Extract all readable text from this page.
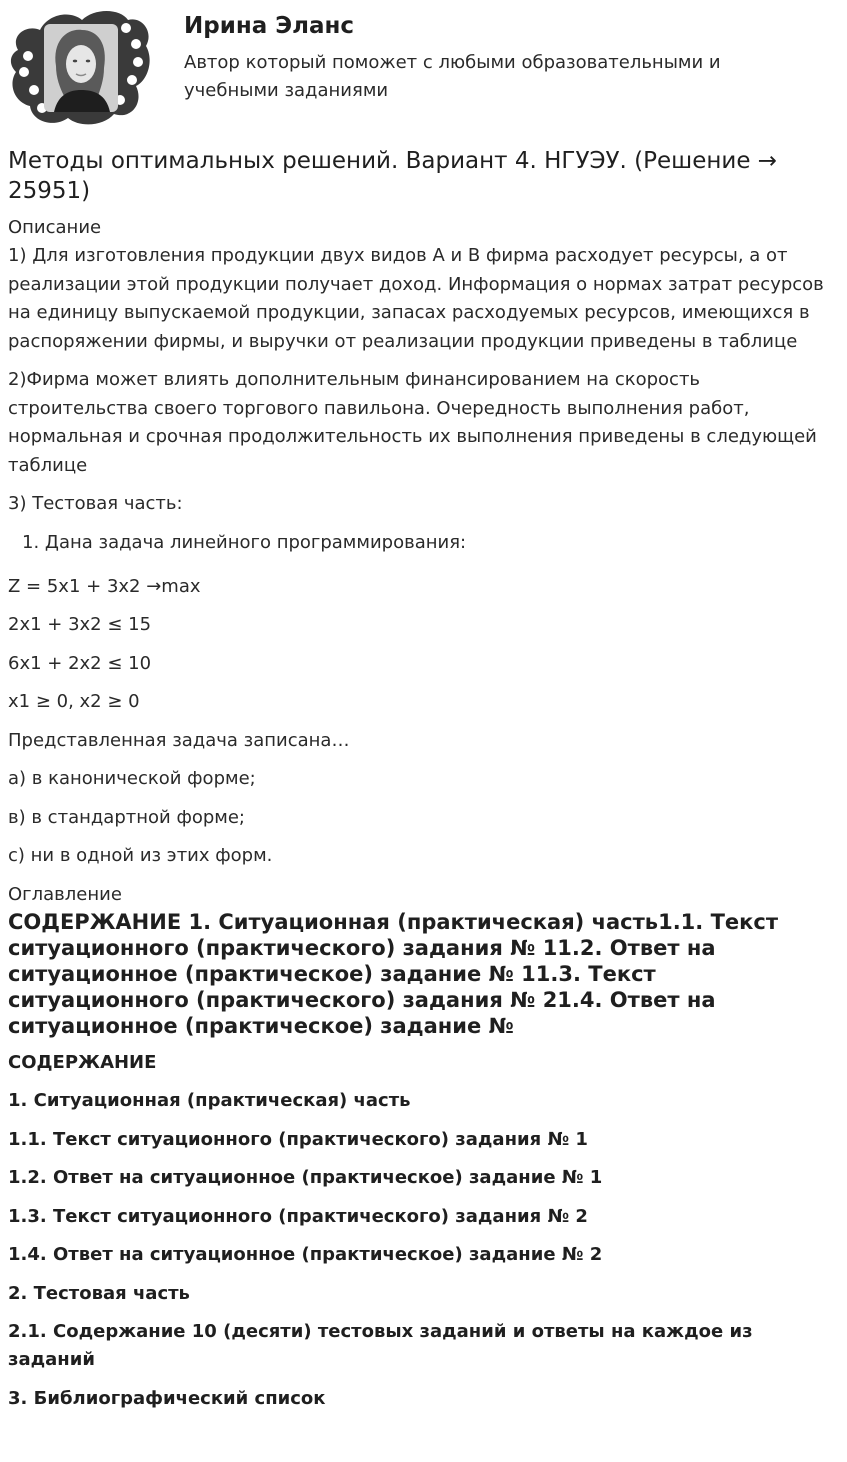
Ирина Эланс
Автор который поможет с любыми образовательными и учебными заданиями
Методы оптимальных решений. Вариант 4. НГУЭУ. (Решение → 25951)

Описание

1) Для изготовления продукции двух видов А и В фирма расходует ресурсы, а от реализации этой продукции получает доход. Информация о нормах затрат ресурсов на единицу выпускаемой продукции, запасах расходуемых ресурсов, имеющихся в распоряжении фирмы, и выручки от реализации продукции приведены в таблице

2)Фирма может влиять дополнительным финансированием на скорость строительства своего торгового павильона. Очередность выполнения работ, нормальная и срочная продолжительность их выполнения приведены в следующей таблице

3) Тестовая часть:

1. Дана задача линейного программирования:

Z = 5x1 + 3x2 →max

2x1 + 3x2 ≤ 15

6x1 + 2x2 ≤ 10

x1 ≥ 0, x2 ≥ 0

Представленная задача записана…

а) в канонической форме;

в) в стандартной форме;

с) ни в одной из этих форм.

Оглавление

СОДЕРЖАНИЕ 1. Ситуационная (практическая) часть1.1. Текст ситуационного (практического) задания № 11.2. Ответ на ситуационное (практическое) задание № 11.3. Текст ситуационного (практического) задания № 21.4. Ответ на ситуационное (практическое) задание №

СОДЕРЖАНИЕ

1. Ситуационная (практическая) часть

1.1. Текст ситуационного (практического) задания № 1

1.2. Ответ на ситуационное (практическое) задание № 1

1.3. Текст ситуационного (практического) задания № 2

1.4. Ответ на ситуационное (практическое) задание № 2

2. Тестовая часть

2.1. Содержание 10 (десяти) тестовых заданий и ответы на каждое из заданий

3. Библиографический список
